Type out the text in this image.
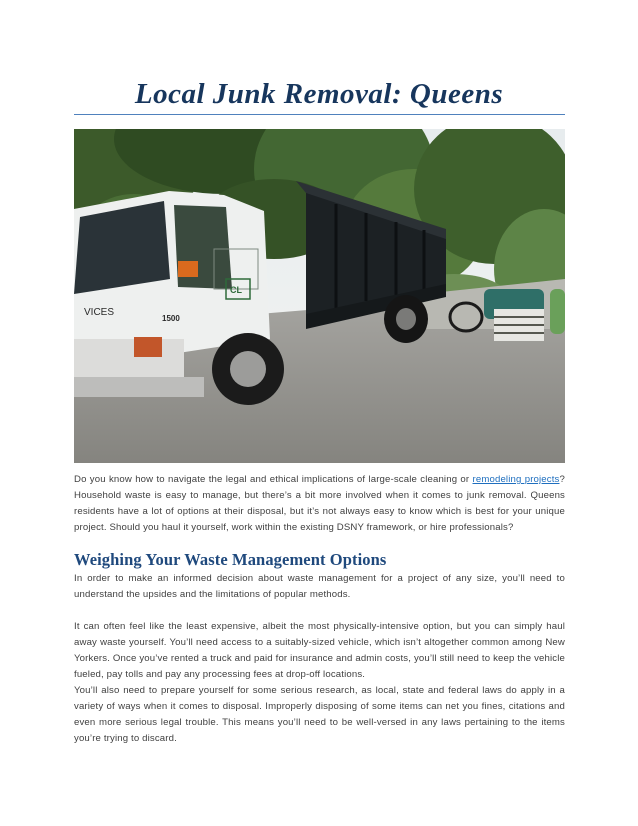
Local Junk Removal: Queens
VICES
1500
CL

Do you know how to navigate the legal and ethical implications of large-scale cleaning or remodeling projects? Household waste is easy to manage, but there’s a bit more involved when it comes to junk removal. Queens residents have a lot of options at their disposal, but it’s not always easy to know which is best for your unique project. Should you haul it yourself, work within the existing DSNY framework, or hire professionals?

Weighing Your Waste Management Options

In order to make an informed decision about waste management for a project of any size, you’ll need to understand the upsides and the limitations of popular methods.

It can often feel like the least expensive, albeit the most physically-intensive option, but you can simply haul away waste yourself. You’ll need access to a suitably-sized vehicle, which isn’t altogether common among New Yorkers. Once you’ve rented a truck and paid for insurance and admin costs, you’ll still need to keep the vehicle fueled, pay tolls and pay any processing fees at drop-off locations.

You’ll also need to prepare yourself for some serious research, as local, state and federal laws do apply in a variety of ways when it comes to disposal. Improperly disposing of some items can net you fines, citations and even more serious legal trouble. This means you’ll need to be well-versed in any laws pertaining to the items you’re trying to discard.
